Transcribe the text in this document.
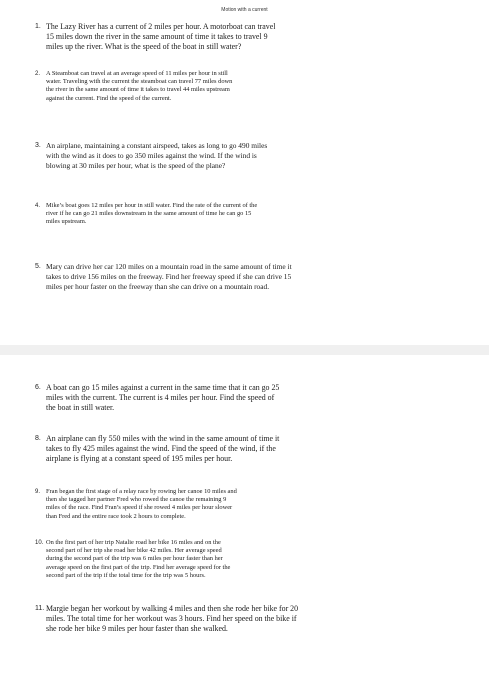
Motion with a current
1. The Lazy River has a current of 2 miles per hour. A motorboat can travel
15 miles down the river in the same amount of time it takes to travel 9
miles up the river. What is the speed of the boat in still water?
2. A Steamboat can travel at an average speed of 11 miles per hour in still
water. Traveling with the current the steamboat can travel 77 miles down
the river in the same amount of time it takes to travel 44 miles upstream
against the current. Find the speed of the current.
3. An airplane, maintaining a constant airspeed, takes as long to go 490 miles
with the wind as it does to go 350 miles against the wind. If the wind is
blowing at 30 miles per hour, what is the speed of the plane?
4. Mike’s boat goes 12 miles per hour in still water. Find the rate of the current of the
river if he can go 21 miles downstream in the same amount of time he can go 15
miles upstream.
5. Mary can drive her car 120 miles on a mountain road in the same amount of time it
takes to drive 156 miles on the freeway. Find her freeway speed if she can drive 15
miles per hour faster on the freeway than she can drive on a mountain road.
6. A boat can go 15 miles against a current in the same time that it can go 25
miles with the current. The current is 4 miles per hour. Find the speed of
the boat in still water.
8. An airplane can fly 550 miles with the wind in the same amount of time it
takes to fly 425 miles against the wind. Find the speed of the wind, if the
airplane is flying at a constant speed of 195 miles per hour.
9. Fran began the first stage of a relay race by rowing her canoe 10 miles and
then she tagged her partner Fred who rowed the canoe the remaining 9
miles of the race. Find Fran’s speed if she rowed 4 miles per hour slower
than Fred and the entire race took 2 hours to complete.
10. On the first part of her trip Natalie road her bike 16 miles and on the
second part of her trip she road her bike 42 miles. Her average speed
during the second part of the trip was 6 miles per hour faster than her
average speed on the first part of the trip. Find her average speed for the
second part of the trip if the total time for the trip was 5 hours.
11. Margie began her workout by walking 4 miles and then she rode her bike for 20
miles. The total time for her workout was 3 hours. Find her speed on the bike if
she rode her bike 9 miles per hour faster than she walked.
